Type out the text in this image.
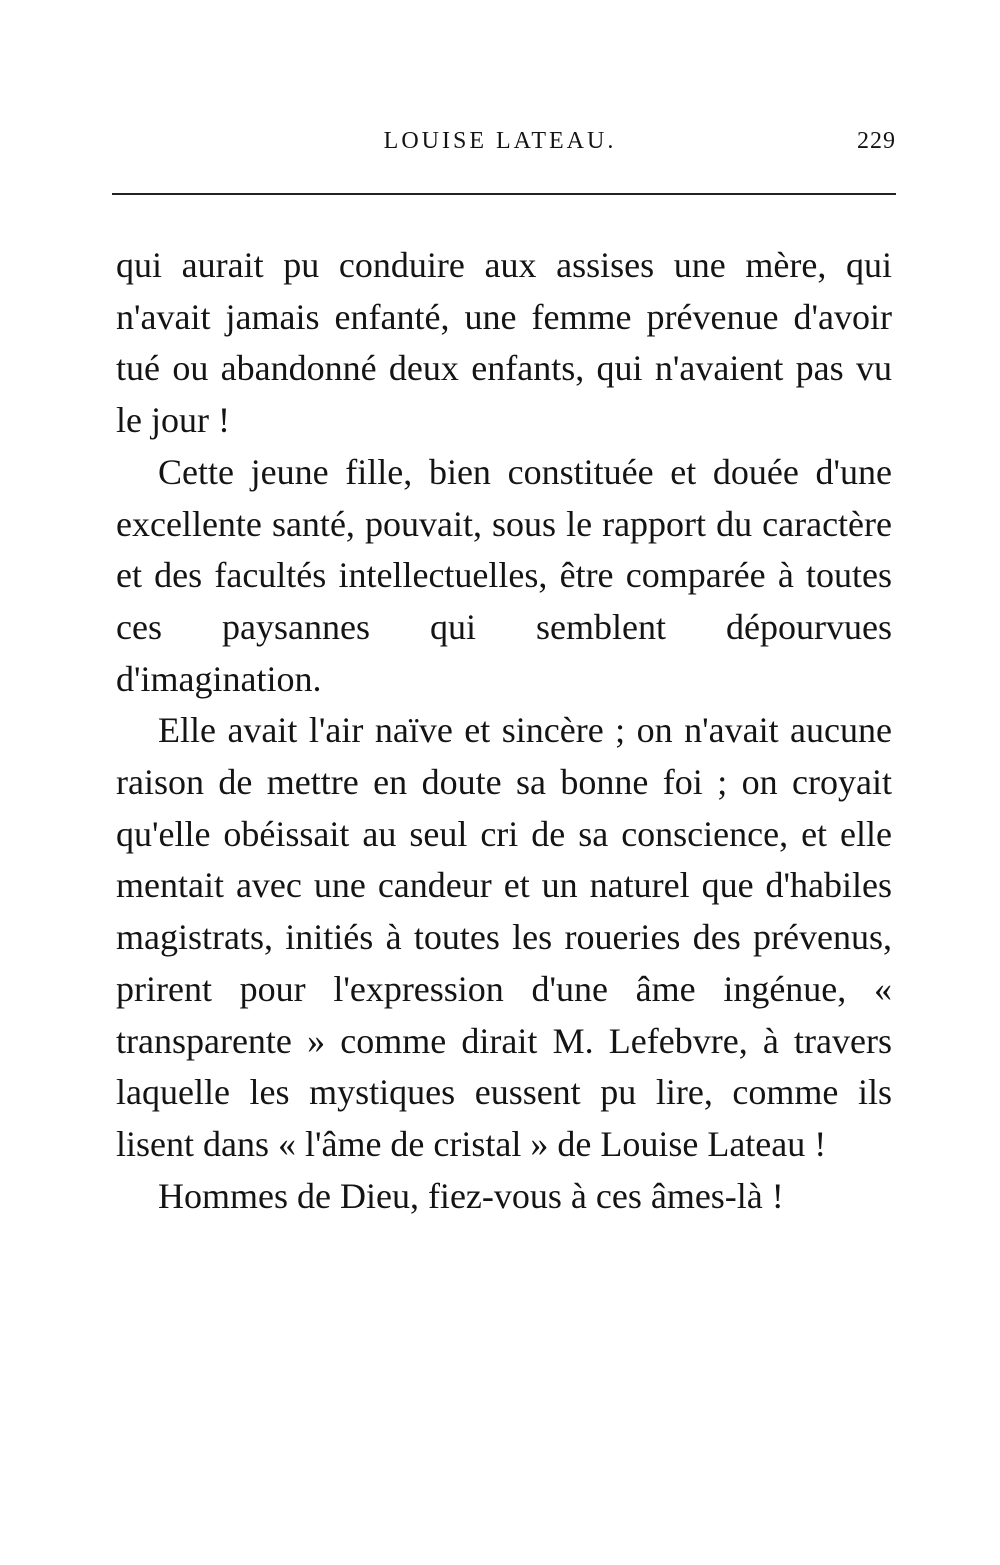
LOUISE LATEAU.	229

qui aurait pu conduire aux assises une mère, qui n'avait jamais enfanté, une femme prévenue d'avoir tué ou abandonné deux enfants, qui n'avaient pas vu le jour !

Cette jeune fille, bien constituée et douée d'une excellente santé, pouvait, sous le rapport du caractère et des facultés intellectuelles, être comparée à toutes ces paysannes qui semblent dépourvues d'imagination.

Elle avait l'air naïve et sincère ; on n'avait aucune raison de mettre en doute sa bonne foi ; on croyait qu'elle obéissait au seul cri de sa conscience, et elle mentait avec une candeur et un naturel que d'habiles magistrats, initiés à toutes les roueries des prévenus, prirent pour l'expression d'une âme ingénue, « transparente » comme dirait M. Lefebvre, à travers laquelle les mystiques eussent pu lire, comme ils lisent dans « l'âme de cristal » de Louise Lateau !

Hommes de Dieu, fiez-vous à ces âmes-là !
